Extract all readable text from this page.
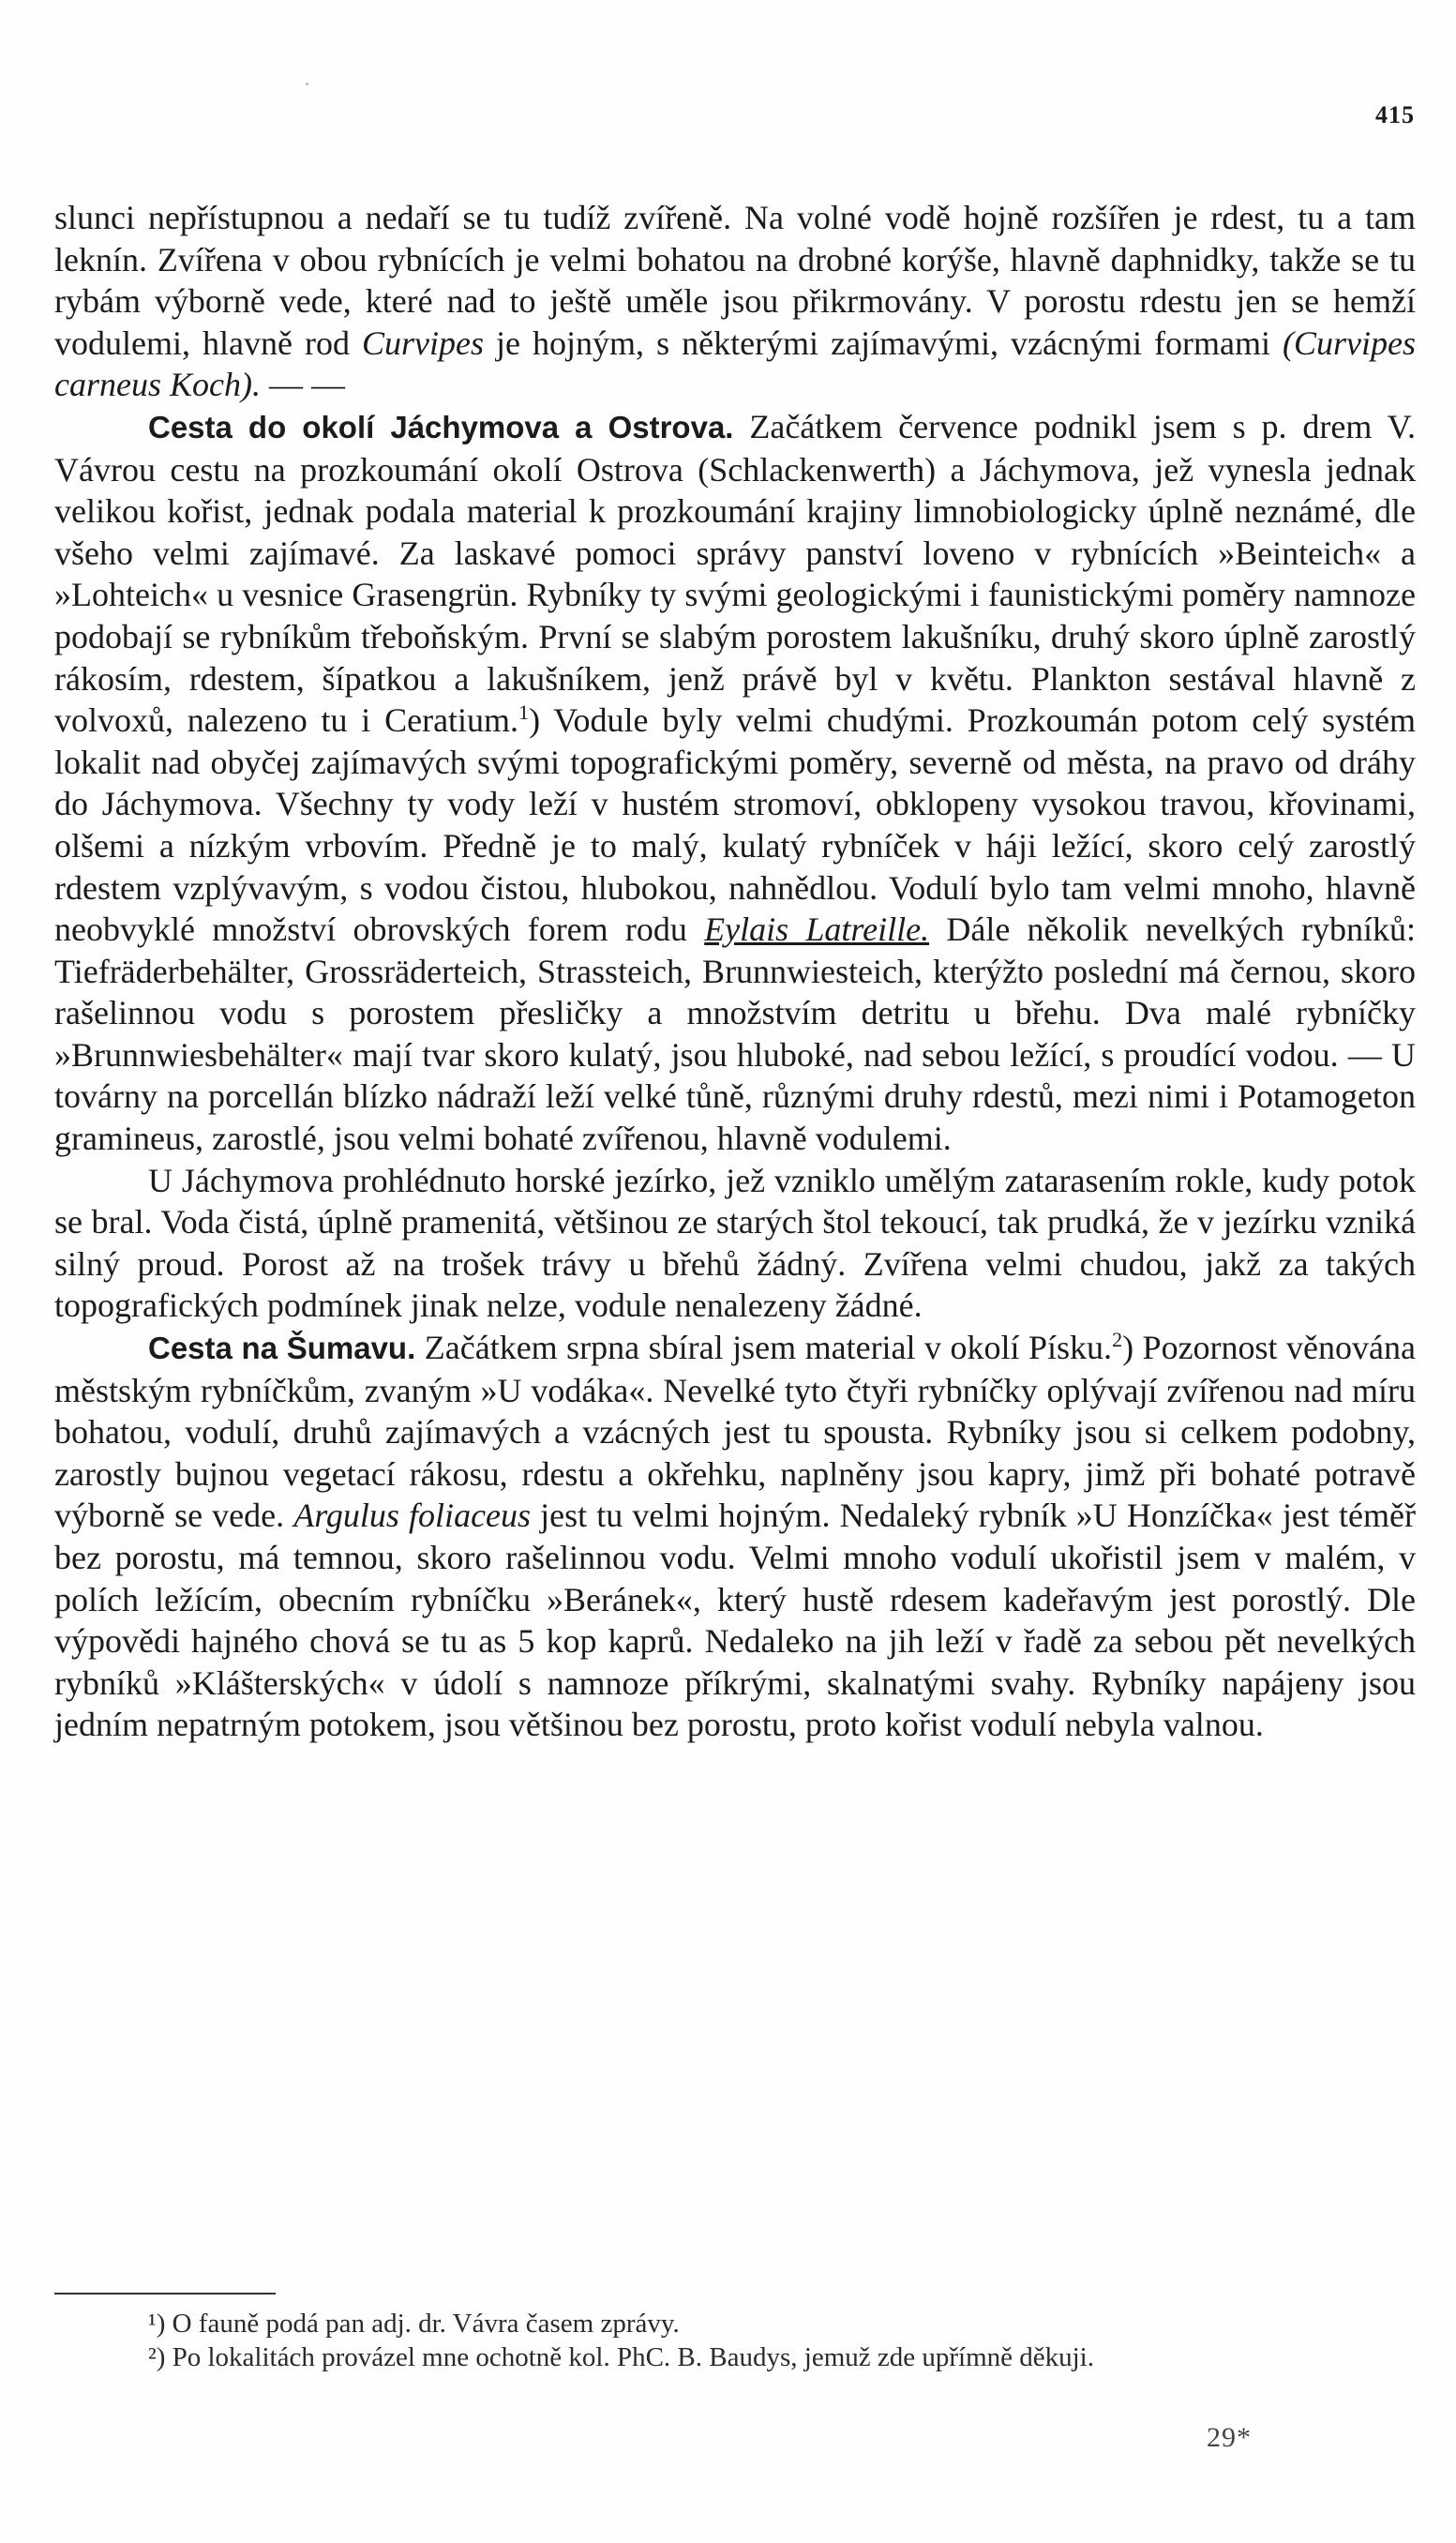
415

slunci nepřístupnou a nedaří se tu tudíž zvířeně. Na volné vodě hojně rozšířen je rdest, tu a tam leknín. Zvířena v obou rybnících je velmi bohatou na drobné korýše, hlavně daphnidky, takže se tu rybám výborně vede, které nad to ještě uměle jsou přikrmovány. V porostu rdestu jen se hemží vodulemi, hlavně rod Curvipes je hojným, s některými zajímavými, vzácnými formami (Curvipes carneus Koch). — —

Cesta do okolí Jáchymova a Ostrova. Začátkem července podnikl jsem s p. drem V. Vávrou cestu na prozkoumání okolí Ostrova (Schlackenwerth) a Jáchymova, jež vynesla jednak velikou kořist, jednak podala material k prozkoumání krajiny limnobiologicky úplně neznámé, dle všeho velmi zajímavé. Za laskavé pomoci správy panství loveno v rybnících »Beinteich« a »Lohteich« u vesnice Grasengrün. Rybníky ty svými geologickými i faunistickými poměry namnoze podobají se rybníkům třeboňským. První se slabým porostem lakušníku, druhý skoro úplně zarostlý rákosím, rdestem, šípatkou a lakušníkem, jenž právě byl v květu. Plankton sestával hlavně z volvoxů, nalezeno tu i Ceratium.$^1$) Vodule byly velmi chudými. Prozkoumán potom celý systém lokalit nad obyčej zajímavých svými topografickými poměry, severně od města, na pravo od dráhy do Jáchymova. Všechny ty vody leží v hustém stromoví, obklopeny vysokou travou, křovinami, olšemi a nízkým vrbovím. Předně je to malý, kulatý rybníček v háji ležící, skoro celý zarostlý rdestem vzplývavým, s vodou čistou, hlubokou, nahnědlou. Vodulí bylo tam velmi mnoho, hlavně neobvyklé množství obrovských forem rodu Eylais Latreille. Dále několik nevelkých rybníků: Tiefräderbehälter, Grossräderteich, Strassteich, Brunnwiesteich, kterýžto poslední má černou, skoro rašelinnou vodu s porostem přesličky a množstvím detritu u břehu. Dva malé rybníčky »Brunnwiesbehälter« mají tvar skoro kulatý, jsou hluboké, nad sebou ležící, s proudící vodou. — U továrny na porcellán blízko nádraží leží velké tůně, různými druhy rdestů, mezi nimi i Potamogeton gramineus, zarostlé, jsou velmi bohaté zvířenou, hlavně vodulemi.

U Jáchymova prohlédnuto horské jezírko, jež vzniklo umělým zatarasením rokle, kudy potok se bral. Voda čistá, úplně pramenitá, většinou ze starých štol tekoucí, tak prudká, že v jezírku vzniká silný proud. Porost až na trošek trávy u břehů žádný. Zvířena velmi chudou, jakž za takých topografických podmínek jinak nelze, vodule nenalezeny žádné.

Cesta na Šumavu. Začátkem srpna sbíral jsem material v okolí Písku.$^2$) Pozornost věnována městským rybníčkům, zvaným »U vodáka«. Nevelké tyto čtyři rybníčky oplývají zvířenou nad míru bohatou, vodulí, druhů zajímavých a vzácných jest tu spousta. Rybníky jsou si celkem podobny, zarostly bujnou vegetací rákosu, rdestu a okřehku, naplněny jsou kapry, jimž při bohaté potravě výborně se vede. Argulus foliaceus jest tu velmi hojným. Nedaleký rybník »U Honzíčka« jest téměř bez porostu, má temnou, skoro rašelinnou vodu. Velmi mnoho vodulí ukořistil jsem v malém, v polích ležícím, obecním rybníčku »Beránek«, který hustě rdesem kadeřavým jest porostlý. Dle výpovědi hajného chová se tu as 5 kop kaprů. Nedaleko na jih leží v řadě za sebou pět nevelkých rybníků »Klášterských« v údolí s namnoze příkrými, skalnatými svahy. Rybníky napájeny jsou jedním nepatrným potokem, jsou většinou bez porostu, proto kořist vodulí nebyla valnou.

¹) O fauně podá pan adj. dr. Vávra časem zprávy.

²) Po lokalitách provázel mne ochotně kol. PhC. B. Baudys, jemuž zde upřímně děkuji.

29*
